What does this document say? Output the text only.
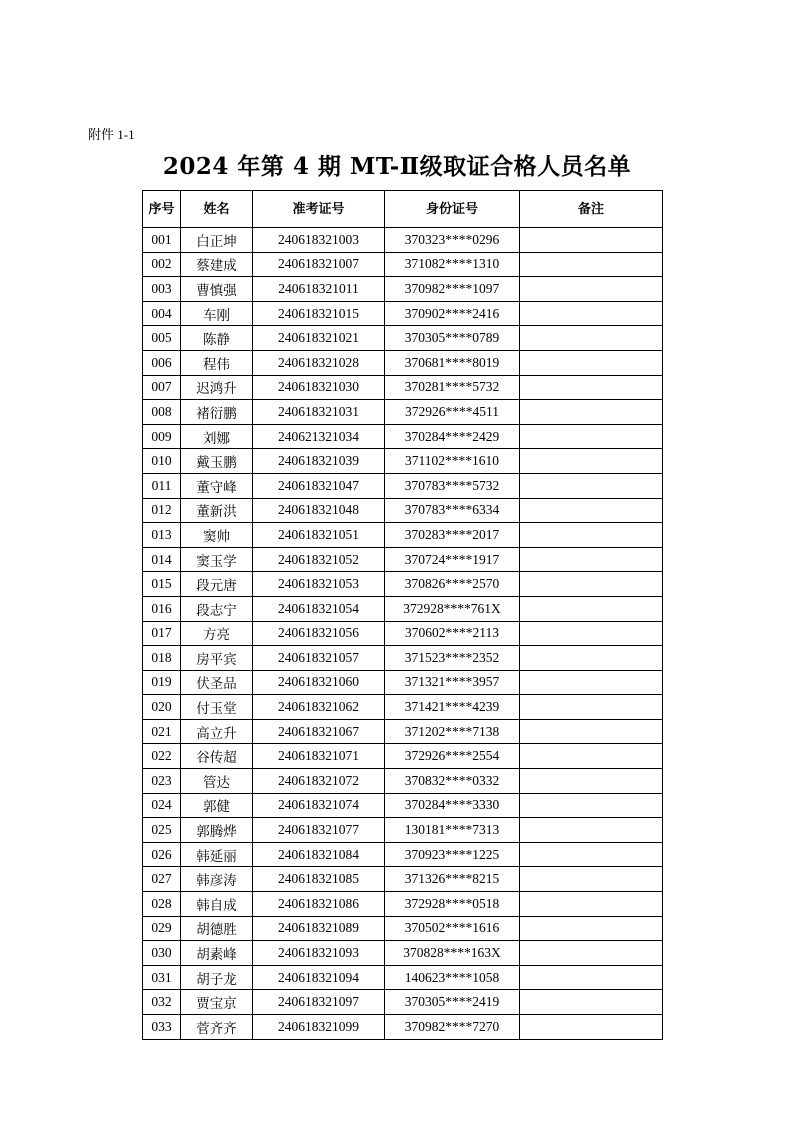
附件 1-1
2024 年第 4 期 MT-Ⅱ级取证合格人员名单
序号	姓名	准考证号	身份证号	备注
001	白正坤	240618321003	370323****0296	
002	蔡建成	240618321007	371082****1310	
003	曹慎强	240618321011	370982****1097	
004	车刚	240618321015	370902****2416	
005	陈静	240618321021	370305****0789	
006	程伟	240618321028	370681****8019	
007	迟鸿升	240618321030	370281****5732	
008	褚衍鹏	240618321031	372926****4511	
009	刘娜	240621321034	370284****2429	
010	戴玉鹏	240618321039	371102****1610	
011	董守峰	240618321047	370783****5732	
012	董新洪	240618321048	370783****6334	
013	窦帅	240618321051	370283****2017	
014	窦玉学	240618321052	370724****1917	
015	段元唐	240618321053	370826****2570	
016	段志宁	240618321054	372928****761X	
017	方亮	240618321056	370602****2113	
018	房平宾	240618321057	371523****2352	
019	伏圣品	240618321060	371321****3957	
020	付玉堂	240618321062	371421****4239	
021	高立升	240618321067	371202****7138	
022	谷传超	240618321071	372926****2554	
023	管达	240618321072	370832****0332	
024	郭健	240618321074	370284****3330	
025	郭腾烨	240618321077	130181****7313	
026	韩延丽	240618321084	370923****1225	
027	韩彦涛	240618321085	371326****8215	
028	韩自成	240618321086	372928****0518	
029	胡德胜	240618321089	370502****1616	
030	胡素峰	240618321093	370828****163X	
031	胡子龙	240618321094	140623****1058	
032	贾宝京	240618321097	370305****2419	
033	菅齐齐	240618321099	370982****7270	
